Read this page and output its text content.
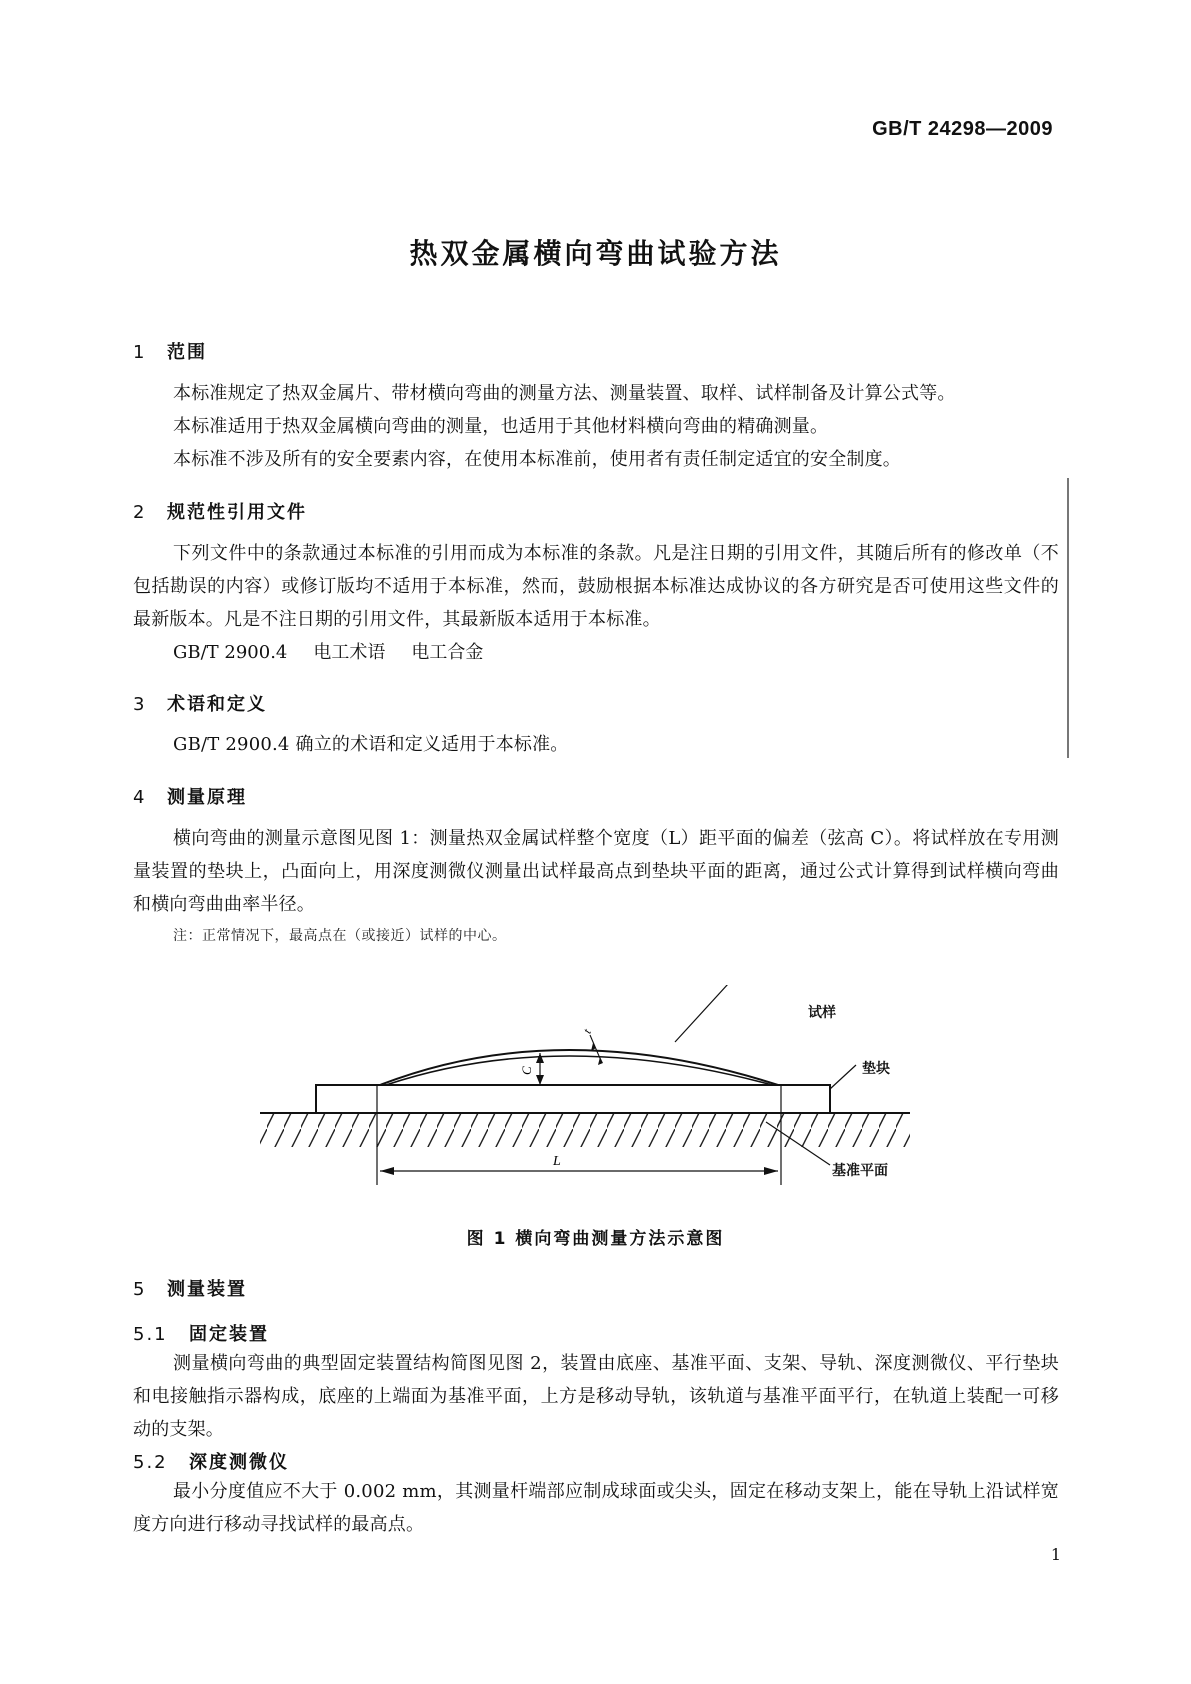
GB/T 24298—2009
热双金属横向弯曲试验方法
1 范围
本标准规定了热双金属片、带材横向弯曲的测量方法、测量装置、取样、试样制备及计算公式等。
本标准适用于热双金属横向弯曲的测量，也适用于其他材料横向弯曲的精确测量。
本标准不涉及所有的安全要素内容，在使用本标准前，使用者有责任制定适宜的安全制度。
2 规范性引用文件
下列文件中的条款通过本标准的引用而成为本标准的条款。凡是注日期的引用文件，其随后所有的修改单（不包括勘误的内容）或修订版均不适用于本标准，然而，鼓励根据本标准达成协议的各方研究是否可使用这些文件的最新版本。凡是不注日期的引用文件，其最新版本适用于本标准。
GB/T 2900.4 电工术语 电工合金
3 术语和定义
GB/T 2900.4 确立的术语和定义适用于本标准。
4 测量原理
横向弯曲的测量示意图见图 1：测量热双金属试样整个宽度（L）距平面的偏差（弦高 C）。将试样放在专用测量装置的垫块上，凸面向上，用深度测微仪测量出试样最高点到垫块平面的距离，通过公式计算得到试样横向弯曲和横向弯曲曲率半径。
注：正常情况下，最高点在（或接近）试样的中心。
L
C
t
试样
垫块
基准平面
图 1 横向弯曲测量方法示意图
5 测量装置
5.1 固定装置
测量横向弯曲的典型固定装置结构简图见图 2，装置由底座、基准平面、支架、导轨、深度测微仪、平行垫块和电接触指示器构成，底座的上端面为基准平面，上方是移动导轨，该轨道与基准平面平行，在轨道上装配一可移动的支架。
5.2 深度测微仪
最小分度值应不大于 0.002 mm，其测量杆端部应制成球面或尖头，固定在移动支架上，能在导轨上沿试样宽度方向进行移动寻找试样的最高点。
1
